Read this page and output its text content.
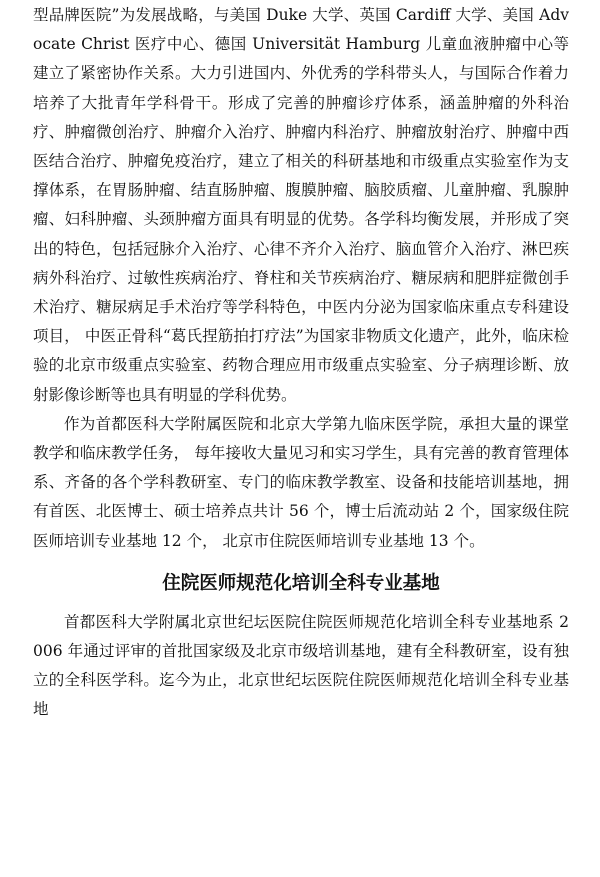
型品牌医院”为发展战略，与美国 Duke 大学、英国 Cardiff 大学、美国 Advocate Christ 医疗中心、德国 Universität Hamburg 儿童血液肿瘤中心等建立了紧密协作关系。大力引进国内、外优秀的学科带头人，与国际合作着力培养了大批青年学科骨干。形成了完善的肿瘤诊疗体系，涵盖肿瘤的外科治疗、肿瘤微创治疗、肿瘤介入治疗、肿瘤内科治疗、肿瘤放射治疗、肿瘤中西医结合治疗、肿瘤免疫治疗，建立了相关的科研基地和市级重点实验室作为支撑体系，在胃肠肿瘤、结直肠肿瘤、腹膜肿瘤、脑胶质瘤、儿童肿瘤、乳腺肿瘤、妇科肿瘤、头颈肿瘤方面具有明显的优势。各学科均衡发展，并形成了突出的特色，包括冠脉介入治疗、心律不齐介入治疗、脑血管介入治疗、淋巴疾病外科治疗、过敏性疾病治疗、脊柱和关节疾病治疗、糖尿病和肥胖症微创手术治疗、糖尿病足手术治疗等学科特色，中医内分泌为国家临床重点专科建设项目， 中医正骨科“葛氏捏筋拍打疗法”为国家非物质文化遗产，此外，临床检验的北京市级重点实验室、药物合理应用市级重点实验室、分子病理诊断、放射影像诊断等也具有明显的学科优势。

作为首都医科大学附属医院和北京大学第九临床医学院，承担大量的课堂教学和临床教学任务， 每年接收大量见习和实习学生，具有完善的教育管理体系、齐备的各个学科教研室、专门的临床教学教室、设备和技能培训基地，拥有首医、北医博士、硕士培养点共计 56 个，博士后流动站 2 个，国家级住院医师培训专业基地 12 个， 北京市住院医师培训专业基地 13 个。

住院医师规范化培训全科专业基地

首都医科大学附属北京世纪坛医院住院医师规范化培训全科专业基地系 2006 年通过评审的首批国家级及北京市级培训基地，建有全科教研室，设有独立的全科医学科。迄今为止，北京世纪坛医院住院医师规范化培训全科专业基地
